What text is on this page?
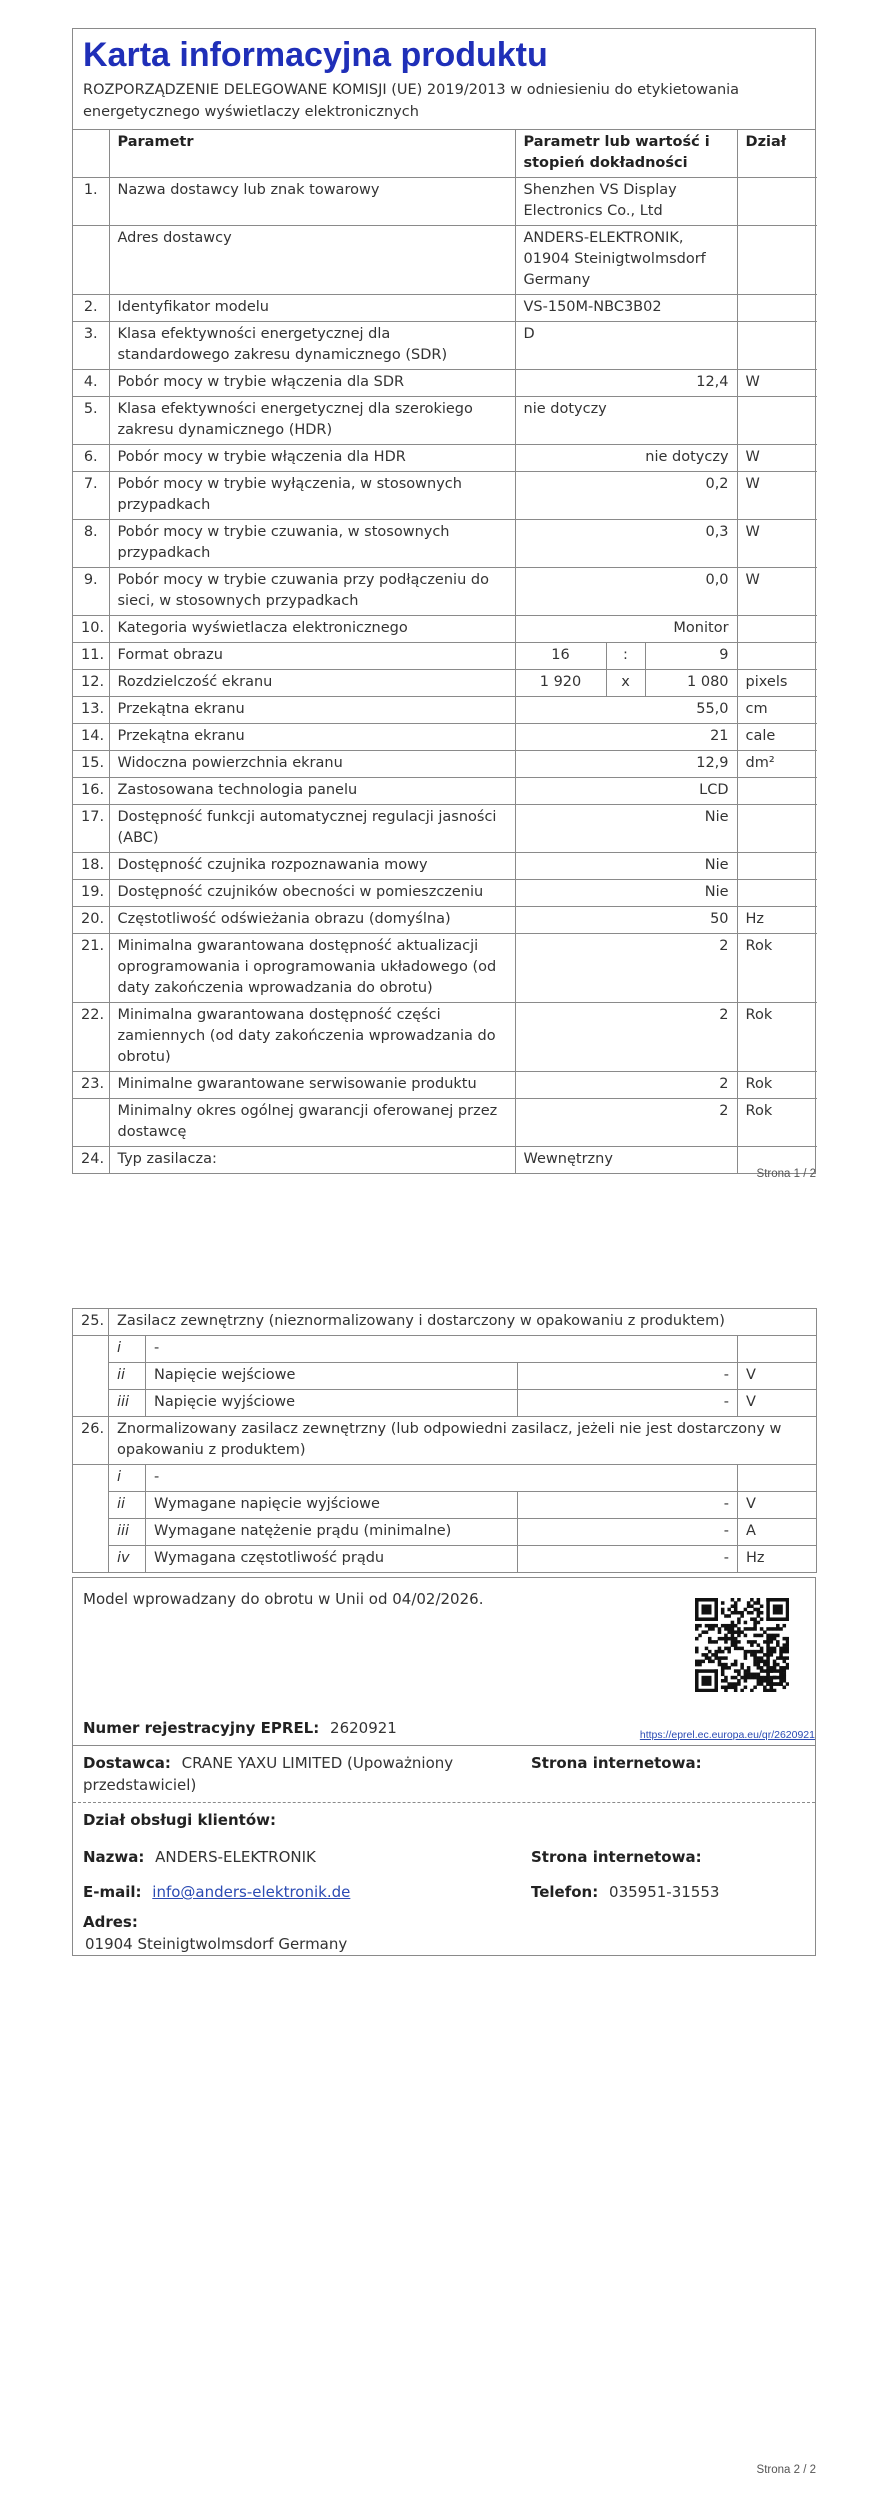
Karta informacyjna produktu
ROZPORZĄDZENIE DELEGOWANE KOMISJI (UE) 2019/2013 w odniesieniu do etykietowania energetycznego wyświetlaczy elektronicznych
	Parametr	Parametr lub wartość i stopień dokładności			Dział
1.	Nazwa dostawcy lub znak towarowy	Shenzhen VS Display Electronics Co., Ltd			
	Adres dostawcy	ANDERS-ELEKTRONIK, 01904 Steinigtwolmsdorf Germany			
2.	Identyfikator modelu	VS-150M-NBC3B02			
3.	Klasa efektywności energetycznej dla standardowego zakresu dynamicznego (SDR)	D			
4.	Pobór mocy w trybie włączenia dla SDR	12,4			W
5.	Klasa efektywności energetycznej dla szerokiego zakresu dynamicznego (HDR)	nie dotyczy			
6.	Pobór mocy w trybie włączenia dla HDR	nie dotyczy			W
7.	Pobór mocy w trybie wyłączenia, w stosownych przypadkach	0,2			W
8.	Pobór mocy w trybie czuwania, w stosownych przypadkach	0,3			W
9.	Pobór mocy w trybie czuwania przy podłączeniu do sieci, w stosownych przypadkach	0,0			W
10.	Kategoria wyświetlacza elektronicznego	Monitor			
11.	Format obrazu	16	:	9	
12.	Rozdzielczość ekranu	1 920	x	1 080	pixels
13.	Przekątna ekranu	55,0			cm
14.	Przekątna ekranu	21			cale
15.	Widoczna powierzchnia ekranu	12,9			dm²
16.	Zastosowana technologia panelu	LCD			
17.	Dostępność funkcji automatycznej regulacji jasności (ABC)	Nie			
18.	Dostępność czujnika rozpoznawania mowy	Nie			
19.	Dostępność czujników obecności w pomieszczeniu	Nie			
20.	Częstotliwość odświeżania obrazu (domyślna)	50			Hz
21.	Minimalna gwarantowana dostępność aktualizacji oprogramowania i oprogramowania układowego (od daty zakończenia wprowadzania do obrotu)	2			Rok
22.	Minimalna gwarantowana dostępność części zamiennych (od daty zakończenia wprowadzania do obrotu)	2			Rok
23.	Minimalne gwarantowane serwisowanie produktu	2			Rok
	Minimalny okres ogólnej gwarancji oferowanej przez dostawcę	2			Rok
24.	Typ zasilacza:	Wewnętrzny			
Strona 1 / 2
25.	Zasilacz zewnętrzny (nieznormalizowany i dostarczony w opakowaniu z produktem)			
	i	-		
	ii	Napięcie wejściowe	-	V
	iii	Napięcie wyjściowe	-	V
26.	Znormalizowany zasilacz zewnętrzny (lub odpowiedni zasilacz, jeżeli nie jest dostarczony w opakowaniu z produktem)			
	i	-		
	ii	Wymagane napięcie wyjściowe	-	V
	iii	Wymagane natężenie prądu (minimalne)	-	A
	iv	Wymagana częstotliwość prądu	-	Hz
Model wprowadzany do obrotu w Unii od 04/02/2026.
Numer rejestracyjny EPREL: 2620921	https://eprel.ec.europa.eu/qr/2620921
Dostawca: CRANE YAXU LIMITED (Upoważniony przedstawiciel)
Strona internetowa:
Dział obsługi klientów:
Nazwa: ANDERS-ELEKTRONIK	Strona internetowa:
E-mail: info@anders-elektronik.de	Telefon: 035951-31553
Adres:
01904 Steinigtwolmsdorf Germany
Strona 2 / 2
